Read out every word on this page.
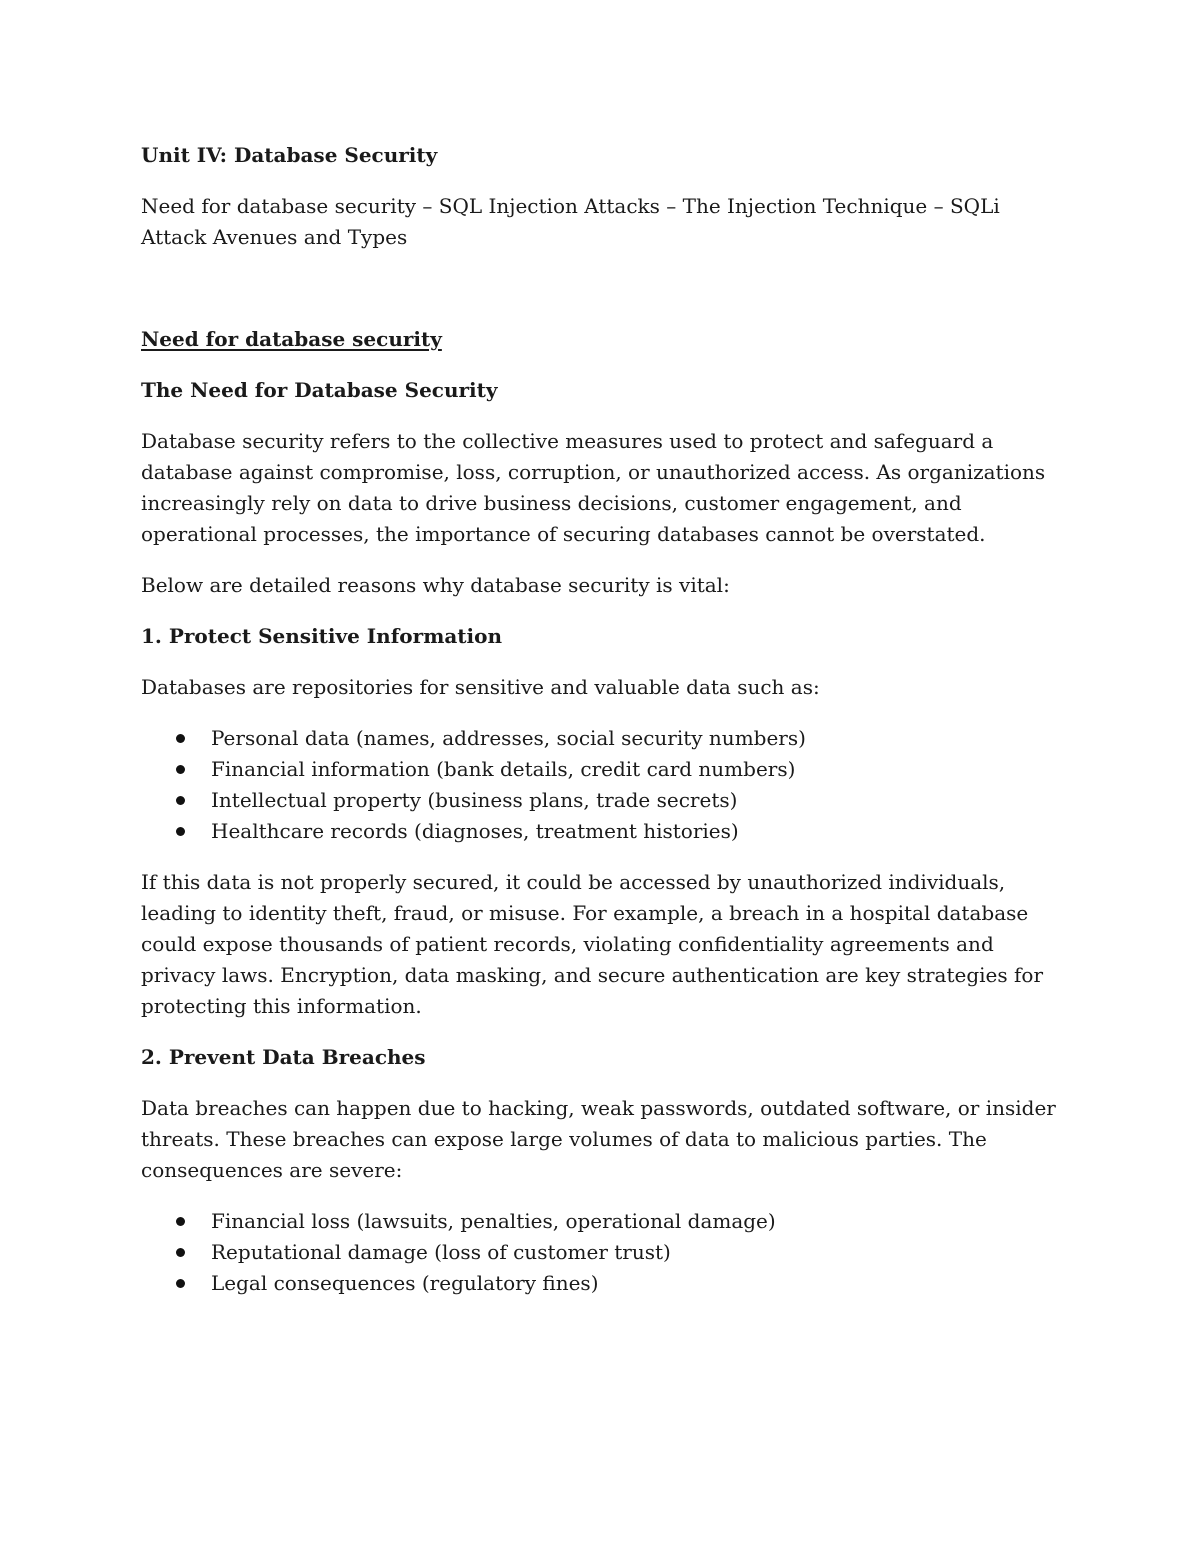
Unit IV: Database Security

Need for database security – SQL Injection Attacks – The Injection Technique – SQLi Attack Avenues and Types

Need for database security

The Need for Database Security

Database security refers to the collective measures used to protect and safeguard a database against compromise, loss, corruption, or unauthorized access. As organizations increasingly rely on data to drive business decisions, customer engagement, and operational processes, the importance of securing databases cannot be overstated.

Below are detailed reasons why database security is vital:

1. Protect Sensitive Information

Databases are repositories for sensitive and valuable data such as:

Personal data (names, addresses, social security numbers)
Financial information (bank details, credit card numbers)
Intellectual property (business plans, trade secrets)
Healthcare records (diagnoses, treatment histories)

If this data is not properly secured, it could be accessed by unauthorized individuals, leading to identity theft, fraud, or misuse. For example, a breach in a hospital database could expose thousands of patient records, violating confidentiality agreements and privacy laws. Encryption, data masking, and secure authentication are key strategies for protecting this information.

2. Prevent Data Breaches

Data breaches can happen due to hacking, weak passwords, outdated software, or insider threats. These breaches can expose large volumes of data to malicious parties. The consequences are severe:

Financial loss (lawsuits, penalties, operational damage)
Reputational damage (loss of customer trust)
Legal consequences (regulatory fines)
